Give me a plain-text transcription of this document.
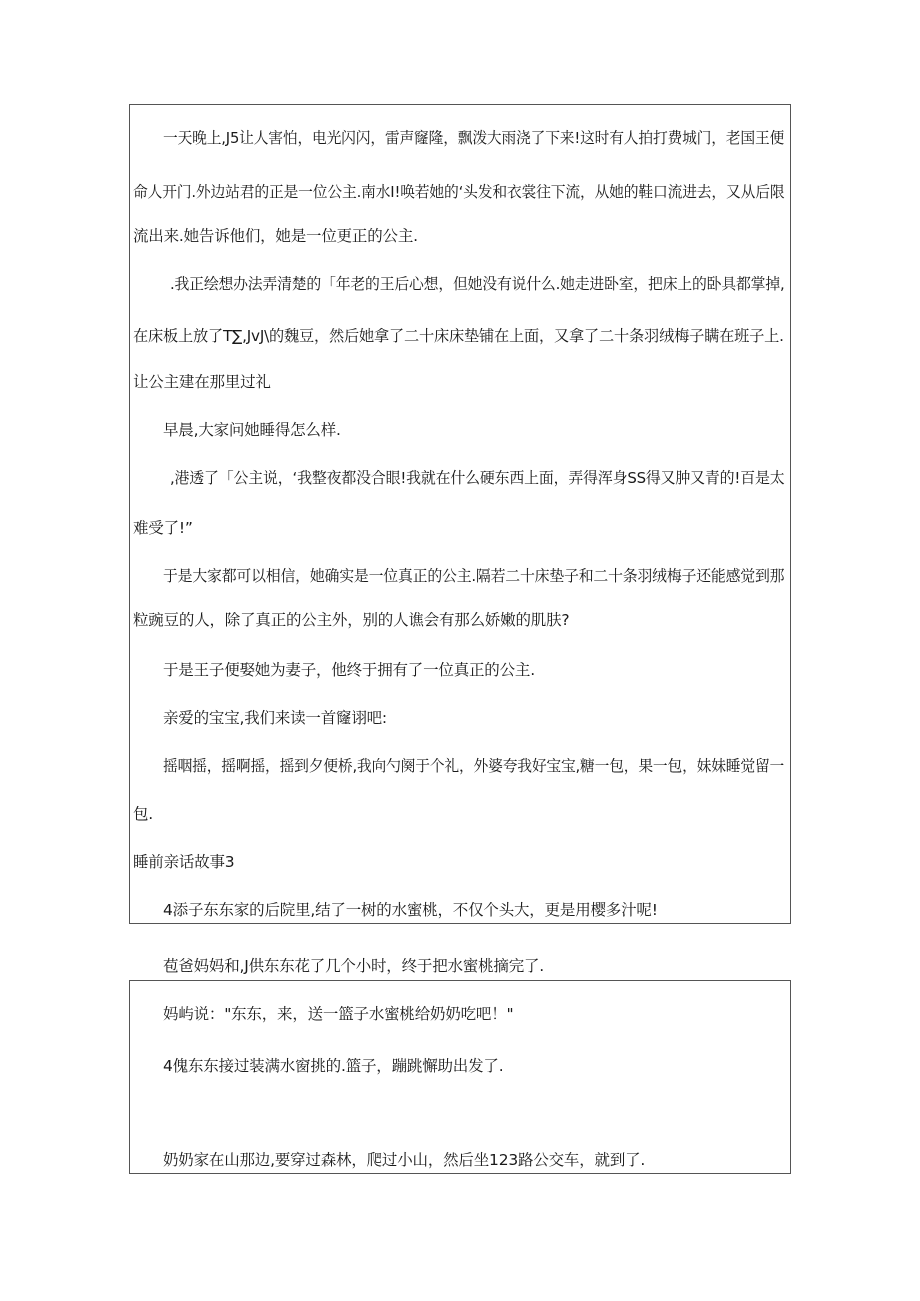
一天晚上,J5让人害怕，电光闪闪，雷声窿隆，飘泼大雨浇了下来!这时有人拍打费城门，老国王便
命人开门.外边站君的正是一位公主.南水I!唤若她的‘头发和衣裳往下流，从她的鞋口流进去，又从后限
流出来.她告诉他们，她是一位更正的公主.
.我正绘想办法弄清楚的「年老的王后心想，但她没有说什么.她走进卧室，把床上的卧具都掌掉,
在床板上放了T∑,JvJ\的魏豆，然后她拿了二十床床垫铺在上面，又拿了二十条羽绒梅子瞒在班子上.
让公主建在那里过礼
早晨,大家问她睡得怎么样.
,港透了「公主说，‘我整夜都没合眼!我就在什么硬东西上面，弄得浑身SS得又肿又青的!百是太
难受了!”
于是大家都可以相信，她确实是一位真正的公主.隔若二十床垫子和二十条羽绒梅子还能感觉到那
粒豌豆的人，除了真正的公主外，别的人谯会有那么娇嫩的肌肤?
于是王子便娶她为妻子，他终于拥有了一位真正的公主.
亲爱的宝宝,我们来读一首窿诩吧:
摇咽摇，摇啊摇，摇到夕便桥,我向勺阕于个礼，外婆夸我好宝宝,糖一包，果一包，妹妹睡觉留一
包.
睡前亲话故事3
4添子东东家的后院里,结了一树的水蜜桃，不仅个头大，更是用樱多汁呢!
苞爸妈妈和,J供东东花了几个小时，终于把水蜜桃摘完了.
妈屿说："东东，来，送一篮子水蜜桃给奶奶吃吧！"
4傀东东接过装满水窗挑的.篮子，蹦跳懈助出发了.
奶奶家在山那边,要穿过森林，爬过小山，然后坐123路公交车，就到了.
